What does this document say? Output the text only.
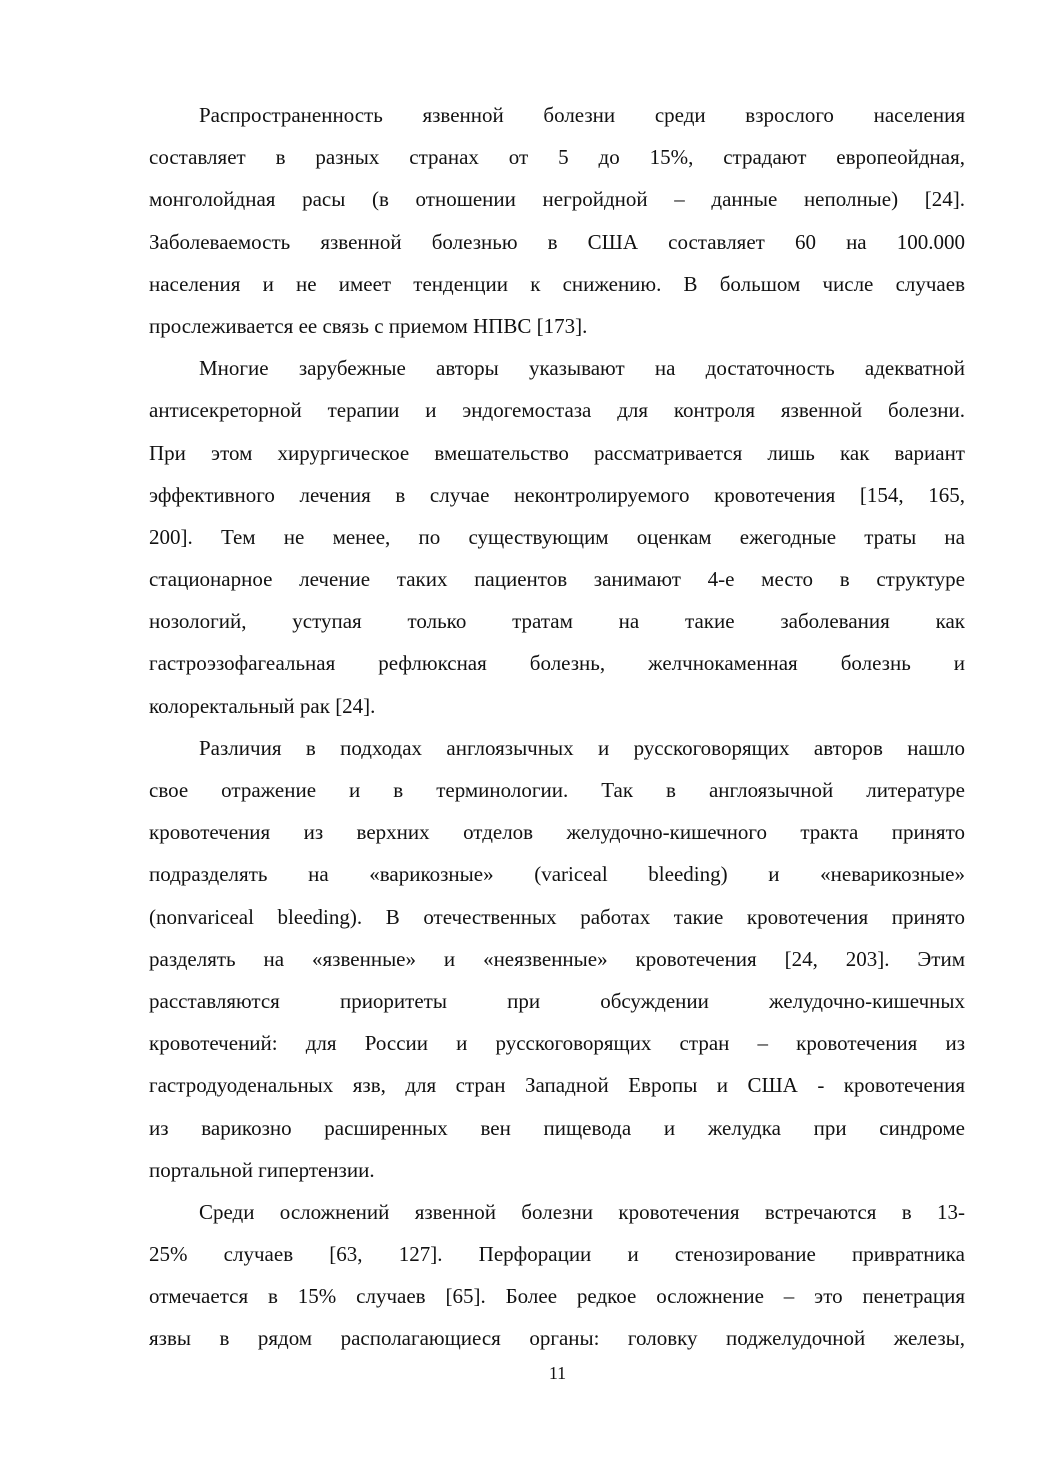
Распространенность язвенной болезни среди взрослого населения
составляет в разных странах от 5 до 15%, страдают европеойдная,
монголойдная расы (в отношении негройдной – данные неполные) [24].
Заболеваемость язвенной болезнью в США составляет 60 на 100.000
населения и не имеет тенденции к снижению. В большом числе случаев
прослеживается ее связь с приемом НПВС [173].
Многие зарубежные авторы указывают на достаточность адекватной
антисекреторной терапии и эндогемостаза для контроля язвенной болезни.
При этом хирургическое вмешательство рассматривается лишь как вариант
эффективного лечения в случае неконтролируемого кровотечения [154, 165,
200]. Тем не менее, по существующим оценкам ежегодные траты на
стационарное лечение таких пациентов занимают 4-е место в структуре
нозологий, уступая только тратам на такие заболевания как
гастроэзофагеальная рефлюксная болезнь, желчнокаменная болезнь и
колоректальный рак [24].
Различия в подходах англоязычных и русскоговорящих авторов нашло
свое отражение и в терминологии. Так в англоязычной литературе
кровотечения из верхних отделов желудочно-кишечного тракта принято
подразделять на «варикозные» (variceal bleeding) и «неварикозные»
(nonvariceal bleeding). В отечественных работах такие кровотечения принято
разделять на «язвенные» и «неязвенные» кровотечения [24, 203]. Этим
расставляются приоритеты при обсуждении желудочно-кишечных
кровотечений: для России и русскоговорящих стран – кровотечения из
гастродуоденальных язв, для стран Западной Европы и США - кровотечения
из варикозно расширенных вен пищевода и желудка при синдроме
портальной гипертензии.
Среди осложнений язвенной болезни кровотечения встречаются в 13-
25% случаев [63, 127]. Перфорации и стенозирование привратника
отмечается в 15% случаев [65]. Более редкое осложнение – это пенетрация
язвы в рядом располагающиеся органы: головку поджелудочной железы,
11
